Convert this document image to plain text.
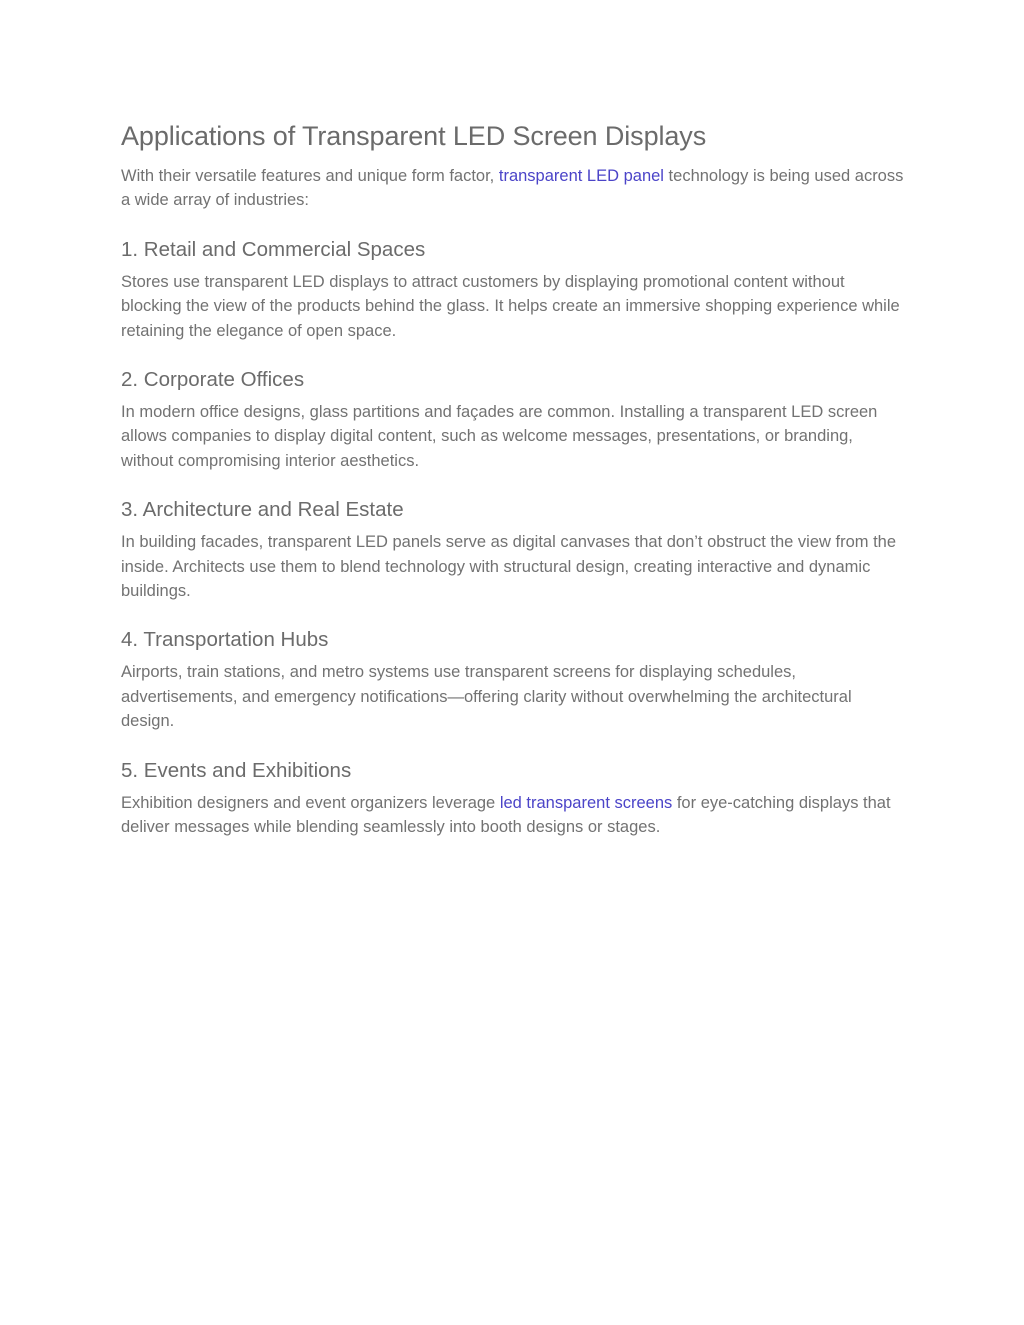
Applications of Transparent LED Screen Displays

With their versatile features and unique form factor, transparent LED panel technology is being used across a wide array of industries:

1. Retail and Commercial Spaces

Stores use transparent LED displays to attract customers by displaying promotional content without blocking the view of the products behind the glass. It helps create an immersive shopping experience while retaining the elegance of open space.

2. Corporate Offices

In modern office designs, glass partitions and façades are common. Installing a transparent LED screen allows companies to display digital content, such as welcome messages, presentations, or branding, without compromising interior aesthetics.

3. Architecture and Real Estate

In building facades, transparent LED panels serve as digital canvases that don’t obstruct the view from the inside. Architects use them to blend technology with structural design, creating interactive and dynamic buildings.

4. Transportation Hubs

Airports, train stations, and metro systems use transparent screens for displaying schedules, advertisements, and emergency notifications—offering clarity without overwhelming the architectural design.

5. Events and Exhibitions

Exhibition designers and event organizers leverage led transparent screens for eye-catching displays that deliver messages while blending seamlessly into booth designs or stages.
